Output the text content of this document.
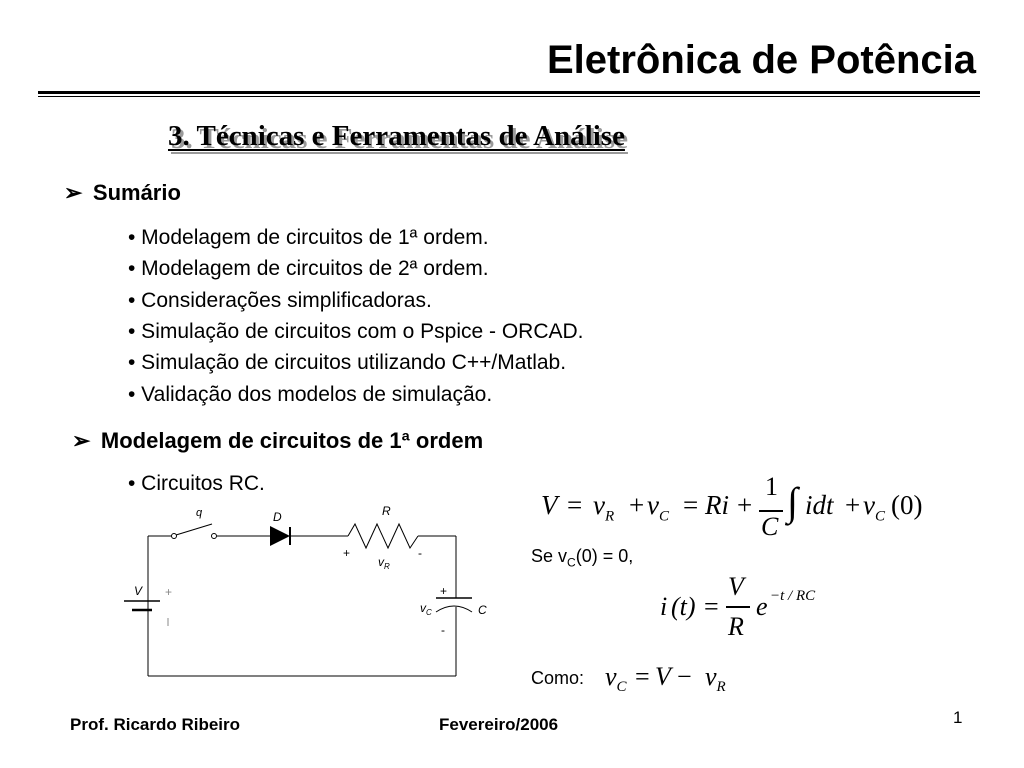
Eletrônica de Potência
3. Técnicas e Ferramentas de Análise
➢ Sumário
• Modelagem de circuitos de 1ª ordem.
• Modelagem de circuitos de 2ª ordem.
• Considerações simplificadoras.
• Simulação de circuitos com o Pspice - ORCAD.
• Simulação de circuitos utilizando C++/Matlab.
• Validação dos modelos de simulação.
➢ Modelagem de circuitos de 1ª ordem
• Circuitos RC.
q	D	R
+	-
$v_R$
V +	+
-
$v_C$	C
$V = v_R + v_C = Ri$ +
1
C
∫ idt + $v_C$ (0)
Se $v_C(0) = 0$,
i (t) =
V
R
e −t / RC
Como: $v_C = V - v_R$
Prof. Ricardo Ribeiro	Fevereiro/2006	1
